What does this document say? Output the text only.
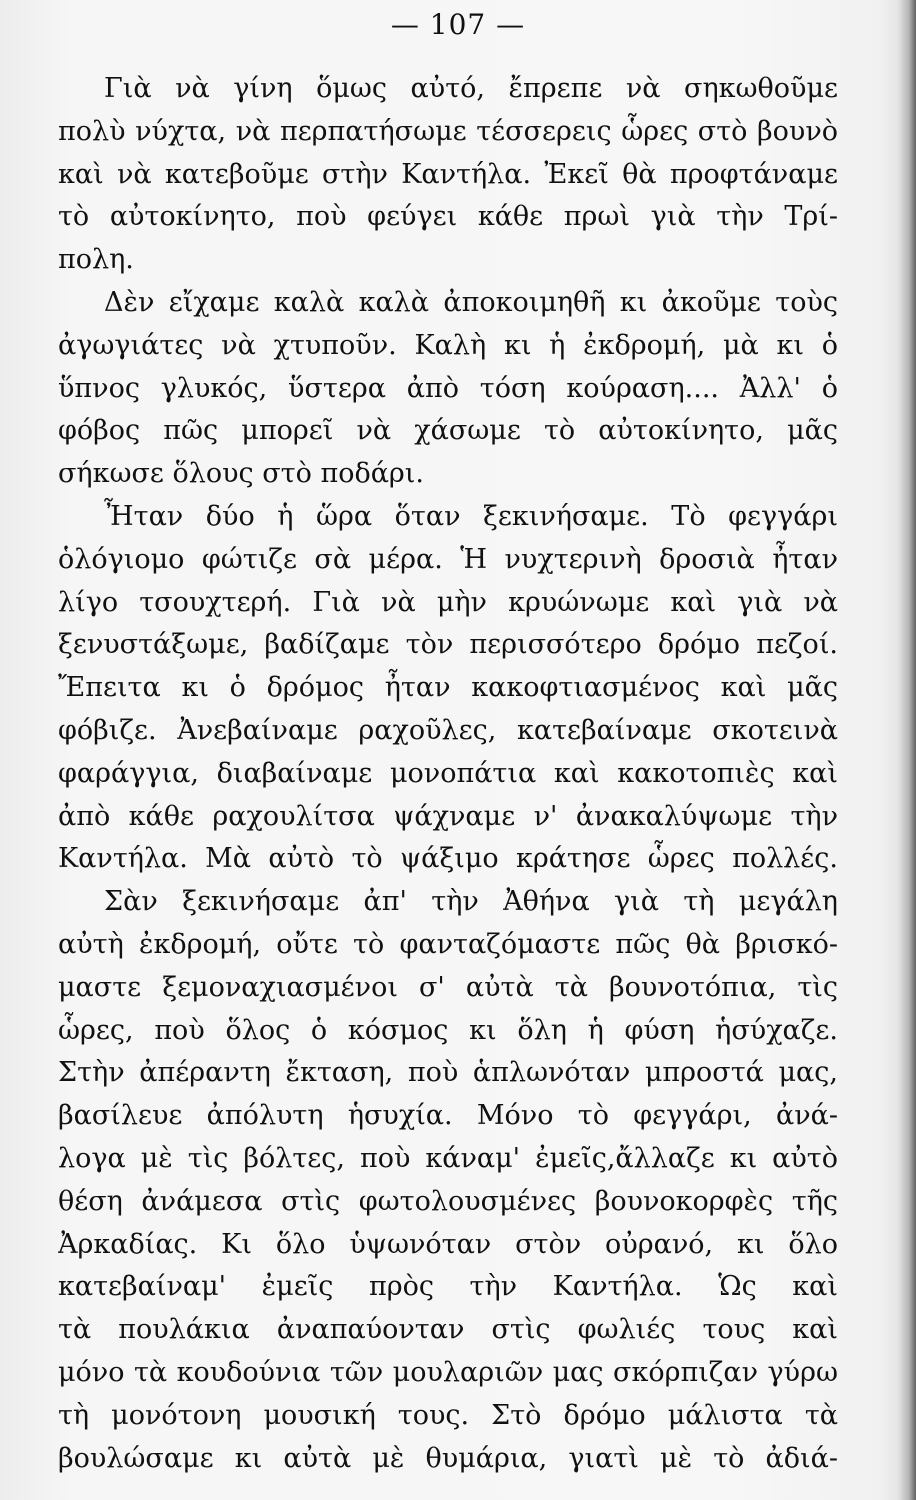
— 107 —
Γιὰ νὰ γίνη ὅμως αὐτό, ἔπρεπε νὰ σηκωθοῦμε
πολὺ νύχτα, νὰ περπατήσωμε τέσσερεις ὧρες στὸ βουνὸ
καὶ νὰ κατεβοῦμε στὴν Καντήλα. Ἐκεῖ θὰ προφτάναμε
τὸ αὐτοκίνητο, ποὺ φεύγει κάθε πρωὶ γιὰ τὴν Τρί-
πολη.
Δὲν εἴχαμε καλὰ καλὰ ἀποκοιμηθῆ κι ἀκοῦμε τοὺς
ἀγωγιάτες νὰ χτυποῦν. Καλὴ κι ἡ ἐκδρομή, μὰ κι ὁ
ὕπνος γλυκός, ὕστερα ἀπὸ τόση κούραση.... Ἀλλ' ὁ
φόβος πῶς μπορεῖ νὰ χάσωμε τὸ αὐτοκίνητο, μᾶς
σήκωσε ὅλους στὸ ποδάρι.
Ἦταν δύο ἡ ὥρα ὅταν ξεκινήσαμε. Τὸ φεγγάρι
ὁλόγιομο φώτιζε σὰ μέρα. Ἡ νυχτερινὴ δροσιὰ ἦταν
λίγο τσουχτερή. Γιὰ νὰ μὴν κρυώνωμε καὶ γιὰ νὰ
ξενυστάξωμε, βαδίζαμε τὸν περισσότερο δρόμο πεζοί.
Ἔπειτα κι ὁ δρόμος ἦταν κακοφτιασμένος καὶ μᾶς
φόβιζε. Ἀνεβαίναμε ραχοῦλες, κατεβαίναμε σκοτεινὰ
φαράγγια, διαβαίναμε μονοπάτια καὶ κακοτοπιὲς καὶ
ἀπὸ κάθε ραχουλίτσα ψάχναμε ν' ἀνακαλύψωμε τὴν
Καντήλα. Μὰ αὐτὸ τὸ ψάξιμο κράτησε ὧρες πολλές.
Σὰν ξεκινήσαμε ἀπ' τὴν Ἀθήνα γιὰ τὴ μεγάλη
αὐτὴ ἐκδρομή, οὔτε τὸ φανταζόμαστε πῶς θὰ βρισκό-
μαστε ξεμοναχιασμένοι σ' αὐτὰ τὰ βουνοτόπια, τὶς
ὧρες, ποὺ ὅλος ὁ κόσμος κι ὅλη ἡ φύση ἡσύχαζε.
Στὴν ἀπέραντη ἔκταση, ποὺ ἁπλωνόταν μπροστά μας,
βασίλευε ἀπόλυτη ἡσυχία. Μόνο τὸ φεγγάρι, ἀνά-
λογα μὲ τὶς βόλτες, ποὺ κάναμ' ἐμεῖς,ἄλλαζε κι αὐτὸ
θέση ἀνάμεσα στὶς φωτολουσμένες βουνοκορφὲς τῆς
Ἀρκαδίας. Κι ὅλο ὑψωνόταν στὸν οὐρανό, κι ὅλο
κατεβαίναμ' ἐμεῖς πρὸς τὴν Καντήλα. Ὡς καὶ
τὰ πουλάκια ἀναπαύονταν στὶς φωλιές τους καὶ
μόνο τὰ κουδούνια τῶν μουλαριῶν μας σκόρπιζαν γύρω
τὴ μονότονη μουσική τους. Στὸ δρόμο μάλιστα τὰ
βουλώσαμε κι αὐτὰ μὲ θυμάρια, γιατὶ μὲ τὸ ἀδιά-
